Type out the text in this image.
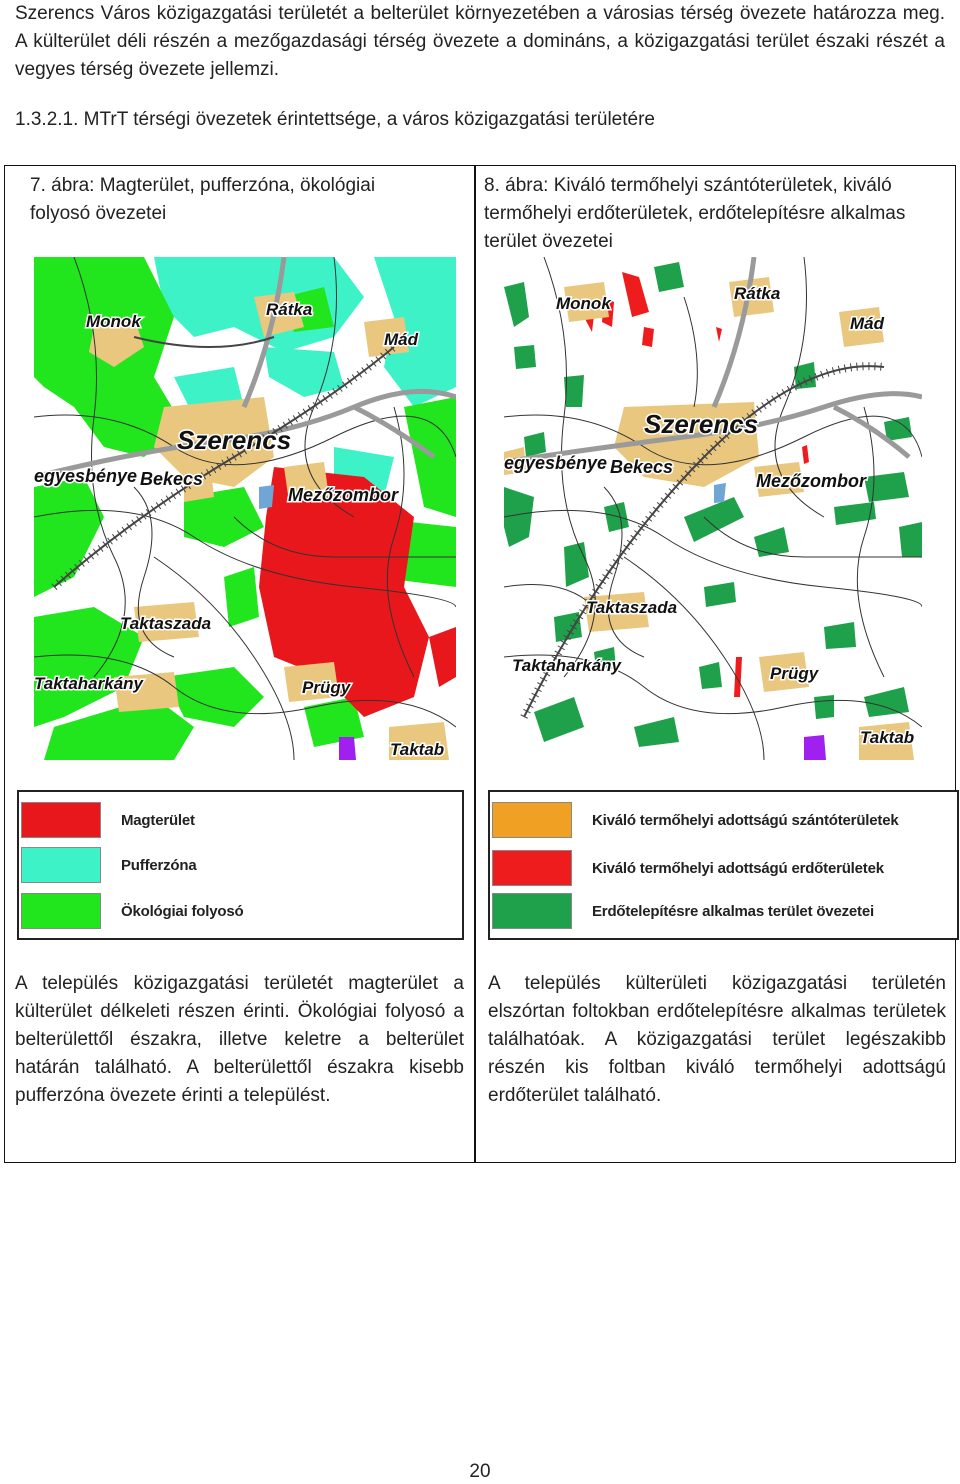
Szerencs Város közigazgatási területét a belterület környezetében a városias térség övezete határozza meg. A külterület déli részén a mezőgazdasági térség övezete a domináns, a közigazgatási terület északi részét a vegyes térség övezete jellemzi.
1.3.2.1. MTrT térségi övezetek érintettsége, a város közigazgatási területére
7. ábra: Magterület, pufferzóna, ökológiai folyosó övezetei
8. ábra: Kiváló termőhelyi szántóterületek, kiváló termőhelyi erdőterületek, erdőtelepítésre alkalmas terület övezetei
Monok
Rátka
Mád
Szerencs
egyesbénye Bekecs
Mezőzombor
Taktaszada
Taktaharkány	Prügy
Taktab
Monok
Rátka
Mád
Szerencs
egyesbénye Bekecs
Mezőzombor
Taktaszada
Taktaharkány	Prügy
Taktab
Magterület
Pufferzóna
Ökológiai folyosó
Kiváló termőhelyi adottságú szántóterületek
Kiváló termőhelyi adottságú erdőterületek
Erdőtelepítésre alkalmas terület övezetei
A település közigazgatási területét magterület a külterület délkeleti részen érinti. Ökológiai folyosó a belterülettől északra, illetve keletre a belterület határán található. A belterülettől északra kisebb pufferzóna övezete érinti a települést.
A település külterületi közigazgatási területén elszórtan foltokban erdőtelepítésre alkalmas területek találhatóak. A közigazgatási terület legészakibb részén kis foltban kiváló termőhelyi adottságú erdőterület található.
20
